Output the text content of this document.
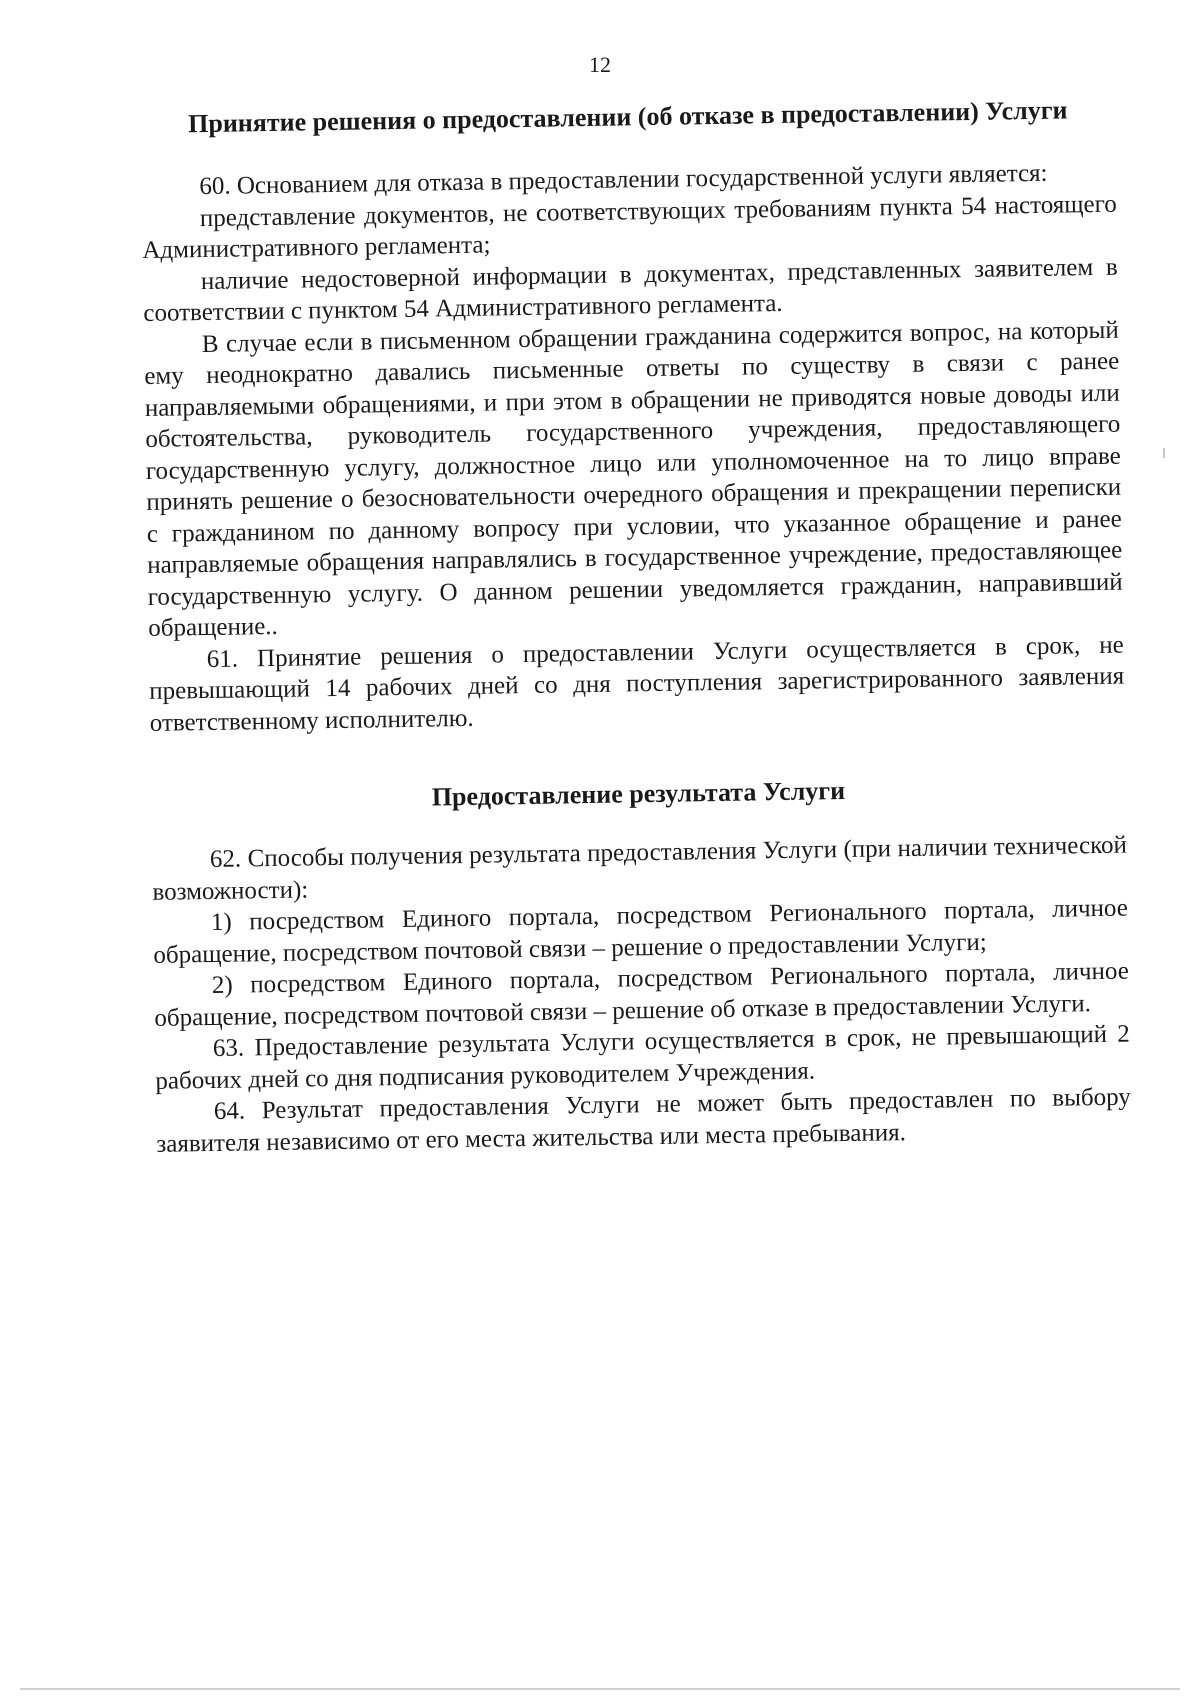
12
Принятие решения о предоставлении (об отказе в предоставлении) Услуги

60. Основанием для отказа в предоставлении государственной услуги является:

представление документов, не соответствующих требованиям пункта 54 настоящего Административного регламента;

наличие недостоверной информации в документах, представленных заявителем в соответствии с пунктом 54 Административного регламента.

В случае если в письменном обращении гражданина содержится вопрос, на который ему неоднократно давались письменные ответы по существу в связи с ранее направляемыми обращениями, и при этом в обращении не приводятся новые доводы или обстоятельства, руководитель государственного учреждения, предоставляющего государственную услугу, должностное лицо или уполномоченное на то лицо вправе принять решение о безосновательности очередного обращения и прекращении переписки с гражданином по данному вопросу при условии, что указанное обращение и ранее направляемые обращения направлялись в государственное учреждение, предоставляющее государственную услугу. О данном решении уведомляется гражданин, направивший обращение..

61. Принятие решения о предоставлении Услуги осуществляется в срок, не превышающий 14 рабочих дней со дня поступления зарегистрированного заявления ответственному исполнителю.

Предоставление результата Услуги

62. Способы получения результата предоставления Услуги (при наличии технической возможности):

1) посредством Единого портала, посредством Регионального портала, личное обращение, посредством почтовой связи – решение о предоставлении Услуги;

2) посредством Единого портала, посредством Регионального портала, личное обращение, посредством почтовой связи – решение об отказе в предоставлении Услуги.

63. Предоставление результата Услуги осуществляется в срок, не превышающий 2 рабочих дней со дня подписания руководителем Учреждения.

64. Результат предоставления Услуги не может быть предоставлен по выбору заявителя независимо от его места жительства или места пребывания.
